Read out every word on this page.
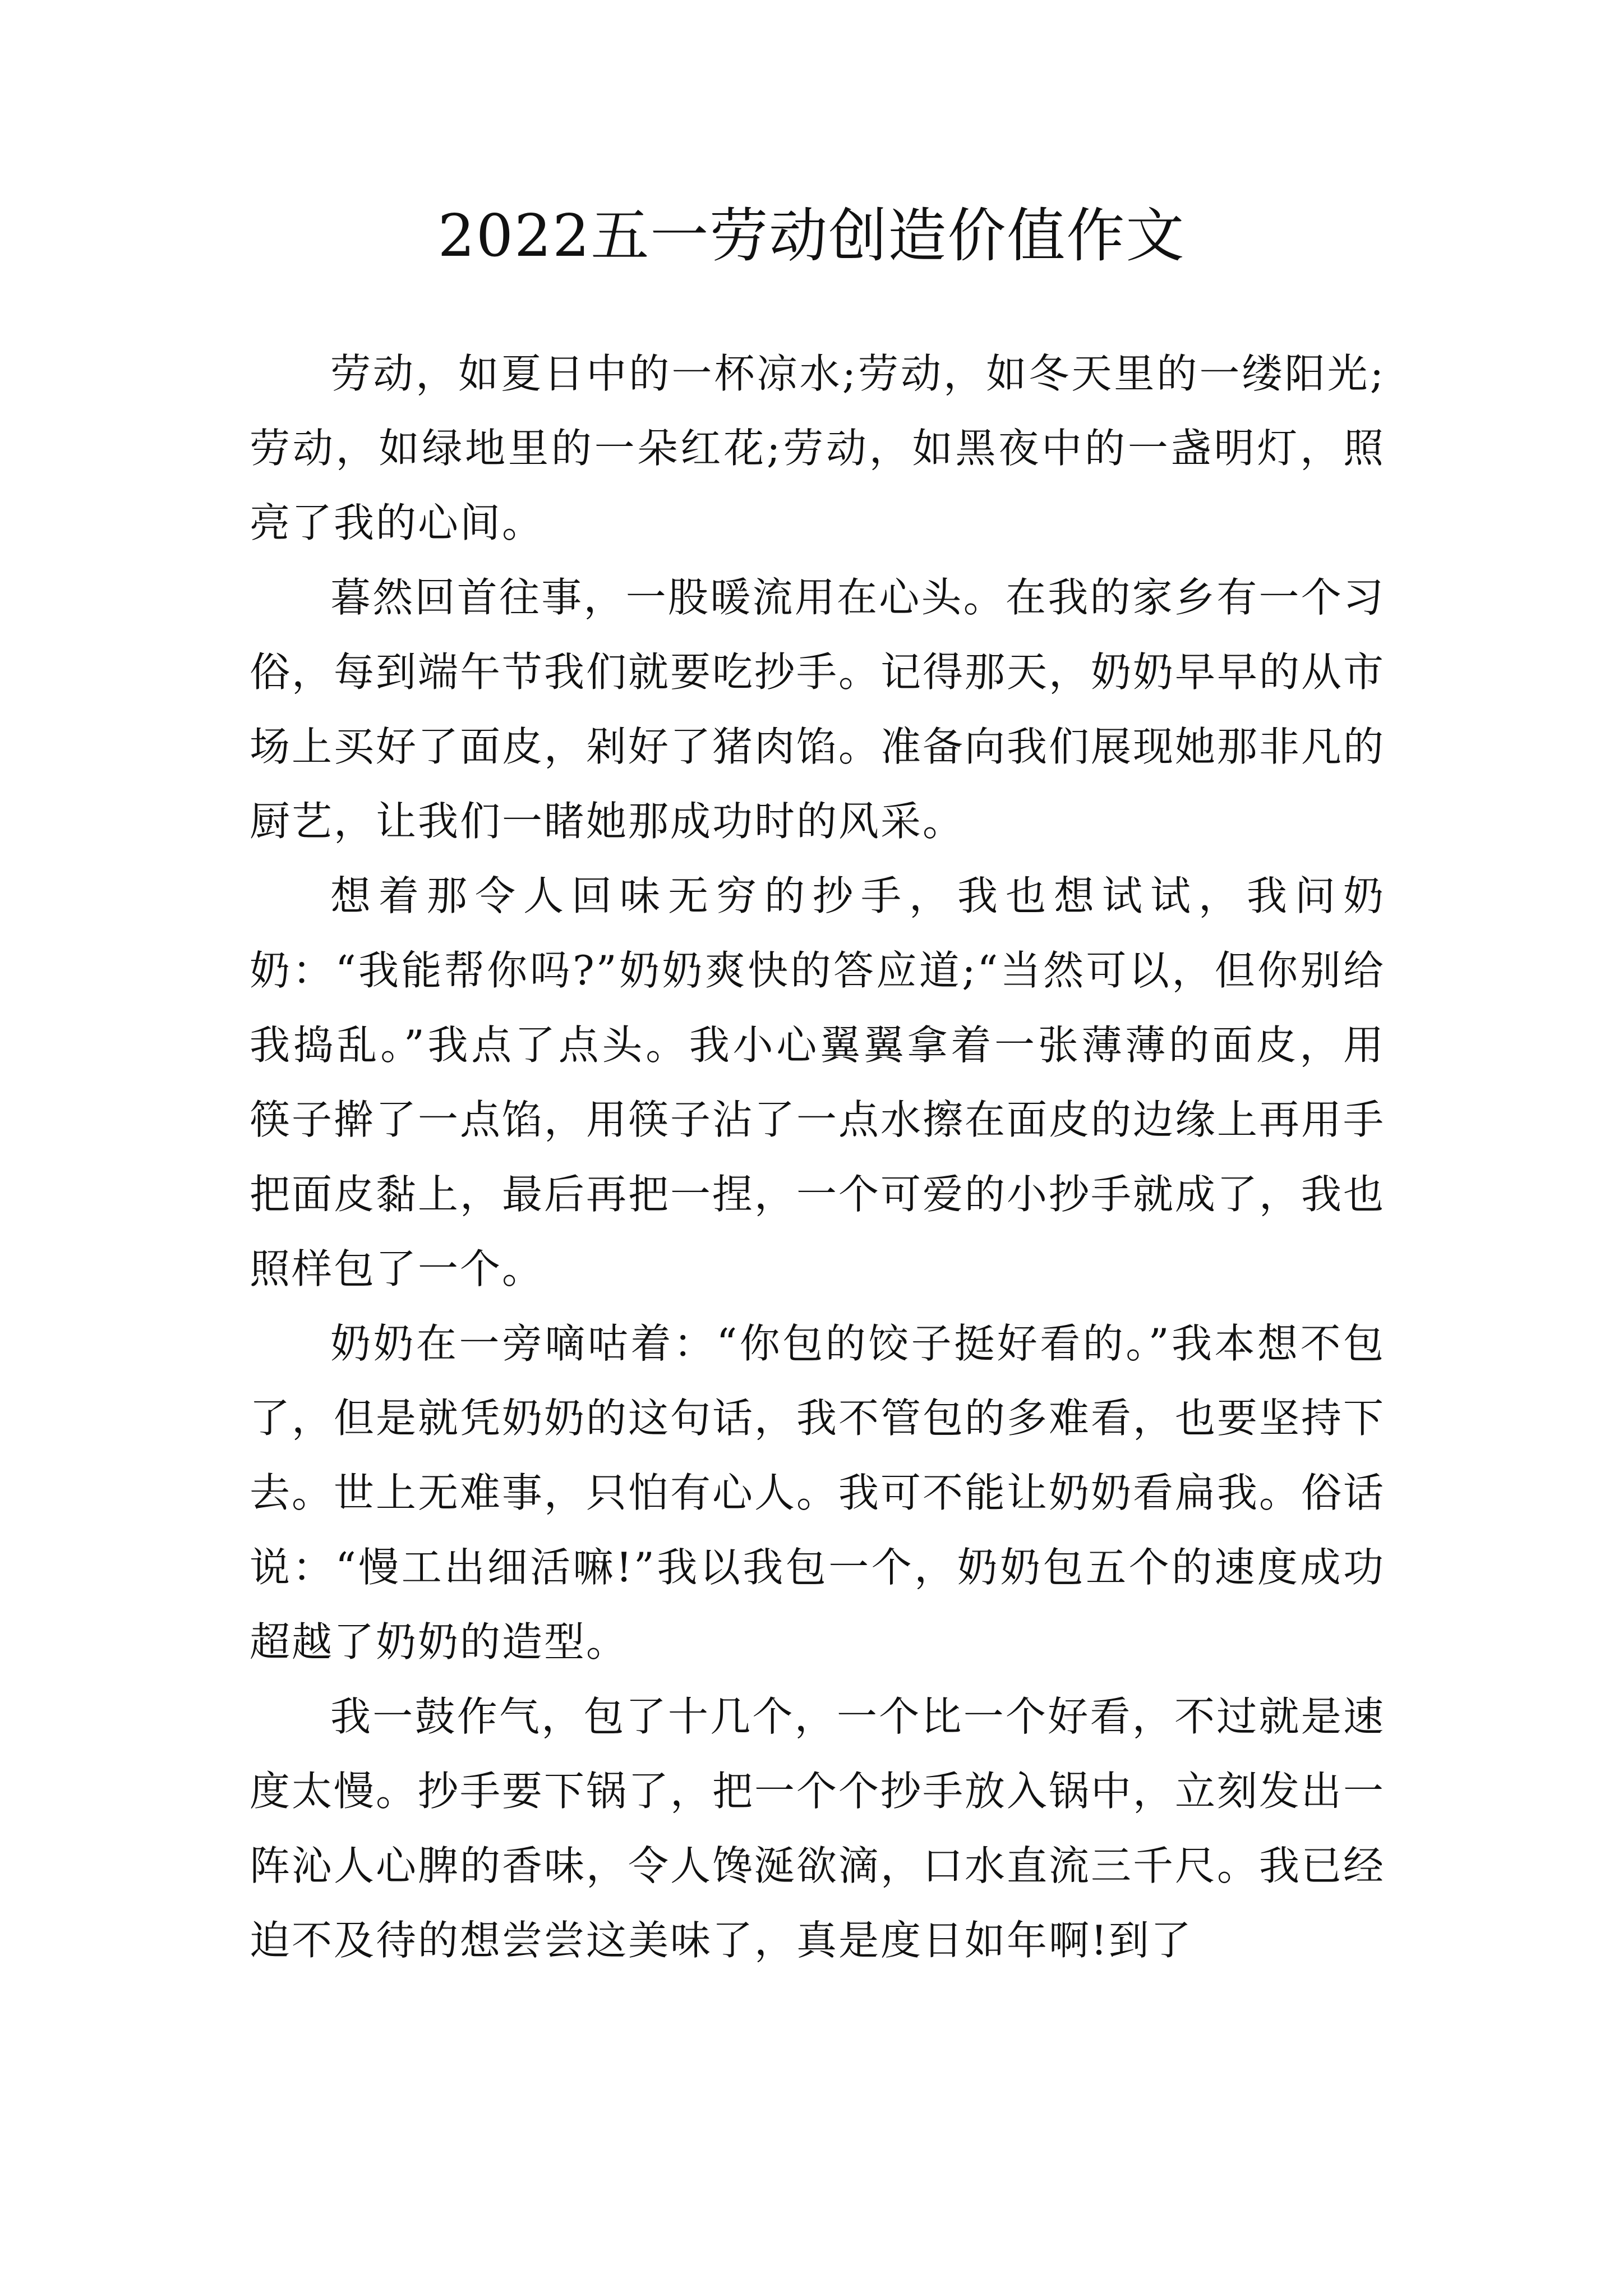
2022五一劳动创造价值作文

劳动，如夏日中的一杯凉水;劳动，如冬天里的一缕阳光;劳动，如绿地里的一朵红花;劳动，如黑夜中的一盏明灯，照亮了我的心间。

暮然回首往事，一股暖流用在心头。在我的家乡有一个习俗，每到端午节我们就要吃抄手。记得那天，奶奶早早的从市场上买好了面皮，剁好了猪肉馅。准备向我们展现她那非凡的厨艺，让我们一睹她那成功时的风采。

想着那令人回味无穷的抄手，我也想试试，我问奶奶：“我能帮你吗?”奶奶爽快的答应道;“当然可以，但你别给我捣乱。”我点了点头。我小心翼翼拿着一张薄薄的面皮，用筷子擀了一点馅，用筷子沾了一点水擦在面皮的边缘上再用手把面皮黏上，最后再把一捏，一个可爱的小抄手就成了，我也照样包了一个。

奶奶在一旁嘀咕着：“你包的饺子挺好看的。”我本想不包了，但是就凭奶奶的这句话，我不管包的多难看，也要坚持下去。世上无难事，只怕有心人。我可不能让奶奶看扁我。俗话说：“慢工出细活嘛!”我以我包一个，奶奶包五个的速度成功超越了奶奶的造型。

我一鼓作气，包了十几个，一个比一个好看，不过就是速度太慢。抄手要下锅了，把一个个抄手放入锅中，立刻发出一阵沁人心脾的香味，令人馋涎欲滴，口水直流三千尺。我已经迫不及待的想尝尝这美味了，真是度日如年啊!到了
